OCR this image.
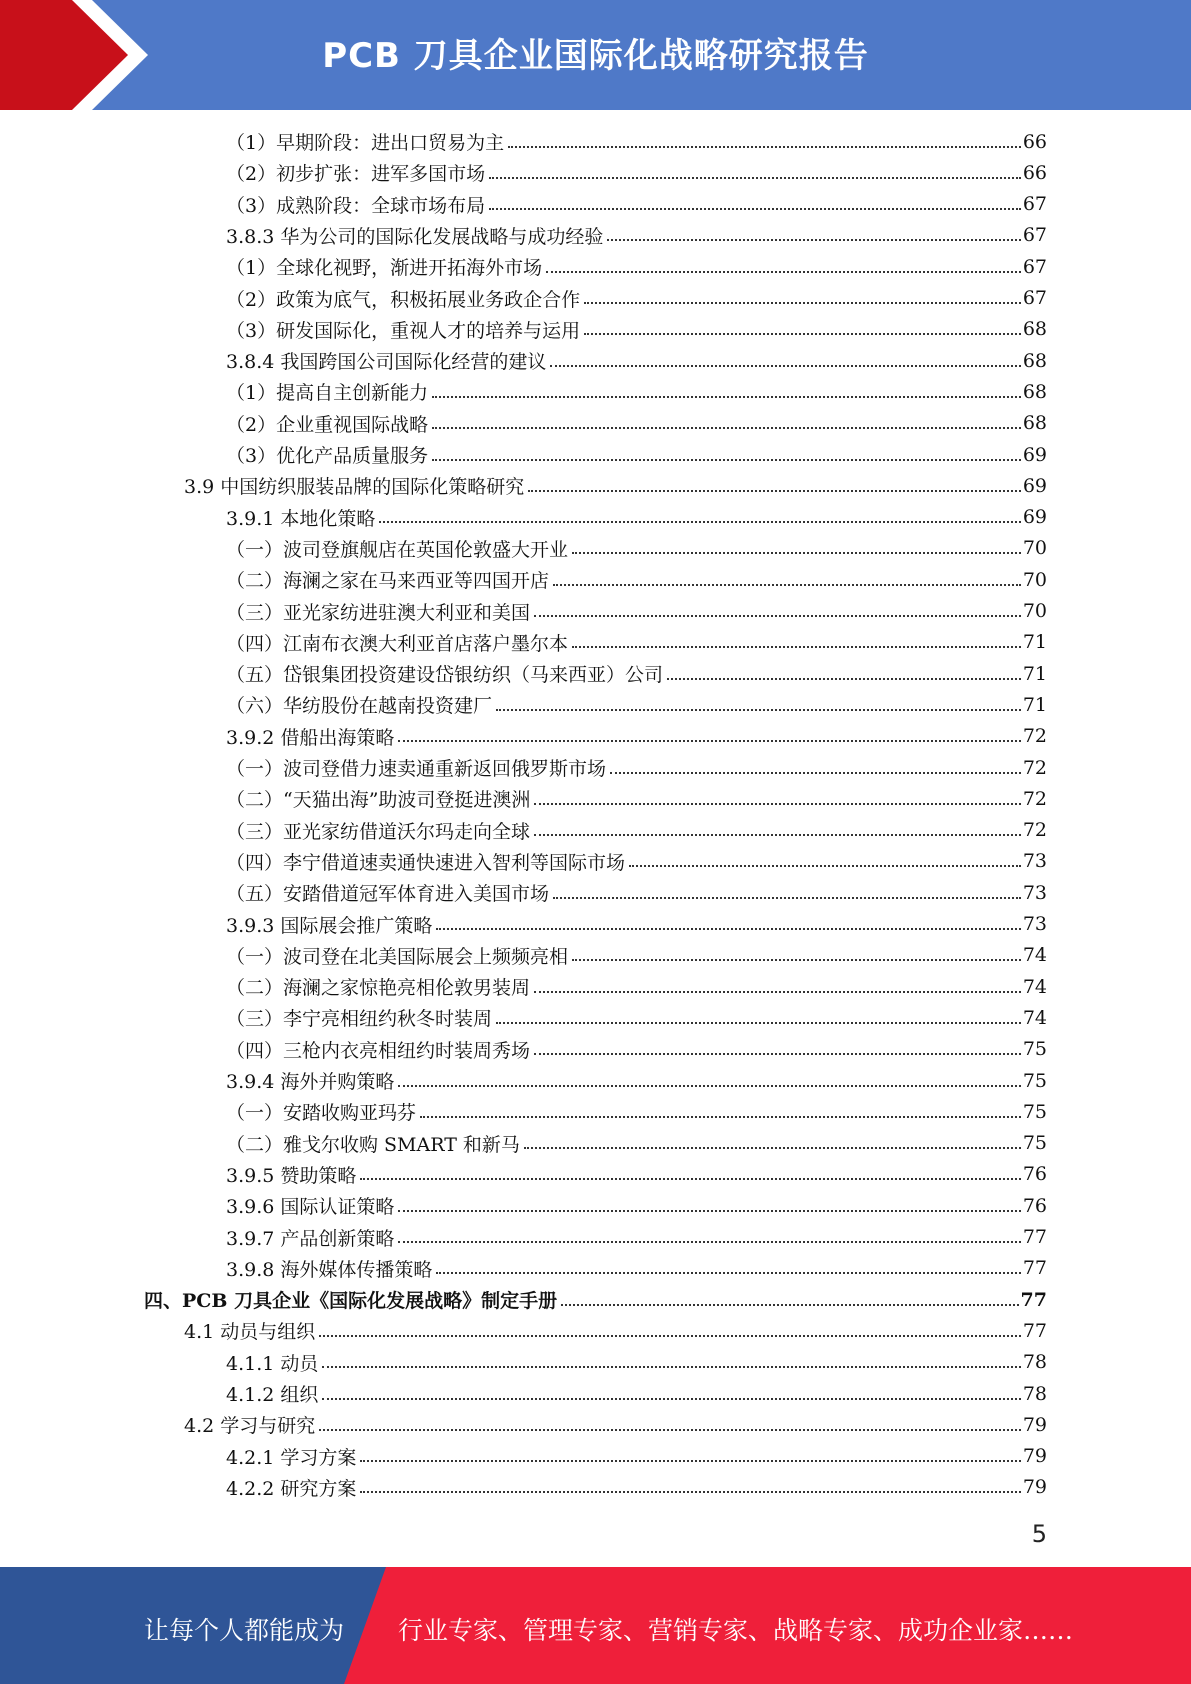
PCB 刀具企业国际化战略研究报告
（1）早期阶段：进出口贸易为主	66
（2）初步扩张：进军多国市场	66
（3）成熟阶段：全球市场布局	67
3.8.3 华为公司的国际化发展战略与成功经验	67
（1）全球化视野，渐进开拓海外市场	67
（2）政策为底气，积极拓展业务政企合作	67
（3）研发国际化，重视人才的培养与运用	68
3.8.4 我国跨国公司国际化经营的建议	68
（1）提高自主创新能力	68
（2）企业重视国际战略	68
（3）优化产品质量服务	69
3.9 中国纺织服装品牌的国际化策略研究	69
3.9.1 本地化策略	69
（一）波司登旗舰店在英国伦敦盛大开业	70
（二）海澜之家在马来西亚等四国开店	70
（三）亚光家纺进驻澳大利亚和美国	70
（四）江南布衣澳大利亚首店落户墨尔本	71
（五）岱银集团投资建设岱银纺织（马来西亚）公司	71
（六）华纺股份在越南投资建厂	71
3.9.2 借船出海策略	72
（一）波司登借力速卖通重新返回俄罗斯市场	72
（二）“天猫出海”助波司登挺进澳洲	72
（三）亚光家纺借道沃尔玛走向全球	72
（四）李宁借道速卖通快速进入智利等国际市场	73
（五）安踏借道冠军体育进入美国市场	73
3.9.3 国际展会推广策略	73
（一）波司登在北美国际展会上频频亮相	74
（二）海澜之家惊艳亮相伦敦男装周	74
（三）李宁亮相纽约秋冬时装周	74
（四）三枪内衣亮相纽约时装周秀场	75
3.9.4 海外并购策略	75
（一）安踏收购亚玛芬	75
（二）雅戈尔收购 SMART 和新马	75
3.9.5 赞助策略	76
3.9.6 国际认证策略	76
3.9.7 产品创新策略	77
3.9.8 海外媒体传播策略	77
四、PCB 刀具企业《国际化发展战略》制定手册	77
4.1 动员与组织	77
4.1.1 动员	78
4.1.2 组织	78
4.2 学习与研究	79
4.2.1 学习方案	79
4.2.2 研究方案	79
5
让每个人都能成为 行业专家、管理专家、营销专家、战略专家、成功企业家……
